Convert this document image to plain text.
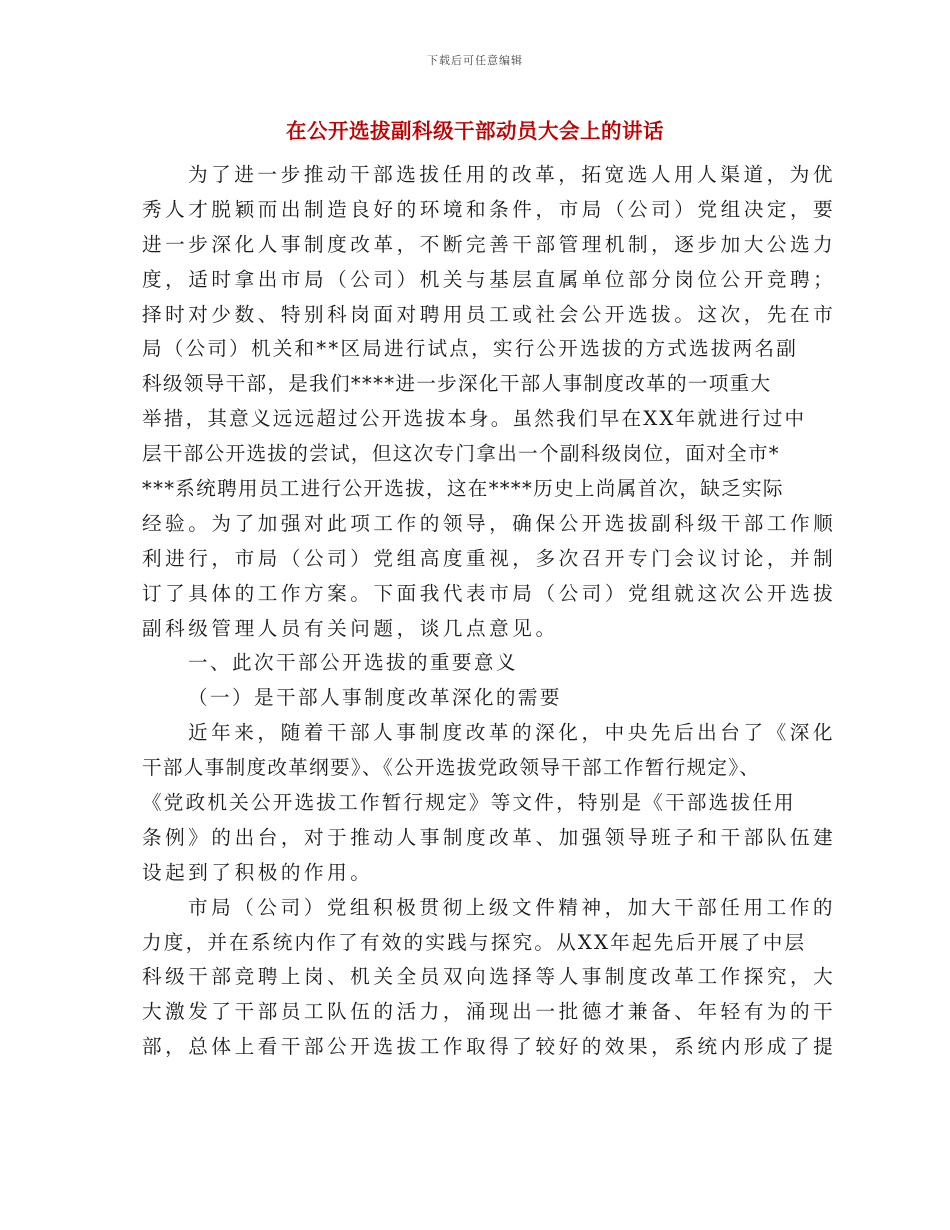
下载后可任意编辑
在公开选拔副科级干部动员大会上的讲话
为了进一步推动干部选拔任用的改革，拓宽选人用人渠道，为优
秀人才脱颖而出制造良好的环境和条件，市局（公司）党组决定，要
进一步深化人事制度改革，不断完善干部管理机制，逐步加大公选力
度，适时拿出市局（公司）机关与基层直属单位部分岗位公开竞聘；
择时对少数、特别科岗面对聘用员工或社会公开选拔。这次，先在市
局（公司）机关和**区局进行试点，实行公开选拔的方式选拔两名副
科级领导干部，是我们****进一步深化干部人事制度改革的一项重大
举措，其意义远远超过公开选拔本身。虽然我们早在XX年就进行过中
层干部公开选拔的尝试，但这次专门拿出一个副科级岗位，面对全市*
***系统聘用员工进行公开选拔，这在****历史上尚属首次，缺乏实际
经验。为了加强对此项工作的领导，确保公开选拔副科级干部工作顺
利进行，市局（公司）党组高度重视，多次召开专门会议讨论，并制
订了具体的工作方案。下面我代表市局（公司）党组就这次公开选拔
副科级管理人员有关问题，谈几点意见。
一、此次干部公开选拔的重要意义
（一）是干部人事制度改革深化的需要
近年来，随着干部人事制度改革的深化，中央先后出台了《深化
干部人事制度改革纲要》、《公开选拔党政领导干部工作暂行规定》、
《党政机关公开选拔工作暂行规定》等文件，特别是《干部选拔任用
条例》的出台，对于推动人事制度改革、加强领导班子和干部队伍建
设起到了积极的作用。
市局（公司）党组积极贯彻上级文件精神，加大干部任用工作的
力度，并在系统内作了有效的实践与探究。从XX年起先后开展了中层
科级干部竞聘上岗、机关全员双向选择等人事制度改革工作探究，大
大激发了干部员工队伍的活力，涌现出一批德才兼备、年轻有为的干
部，总体上看干部公开选拔工作取得了较好的效果，系统内形成了提
